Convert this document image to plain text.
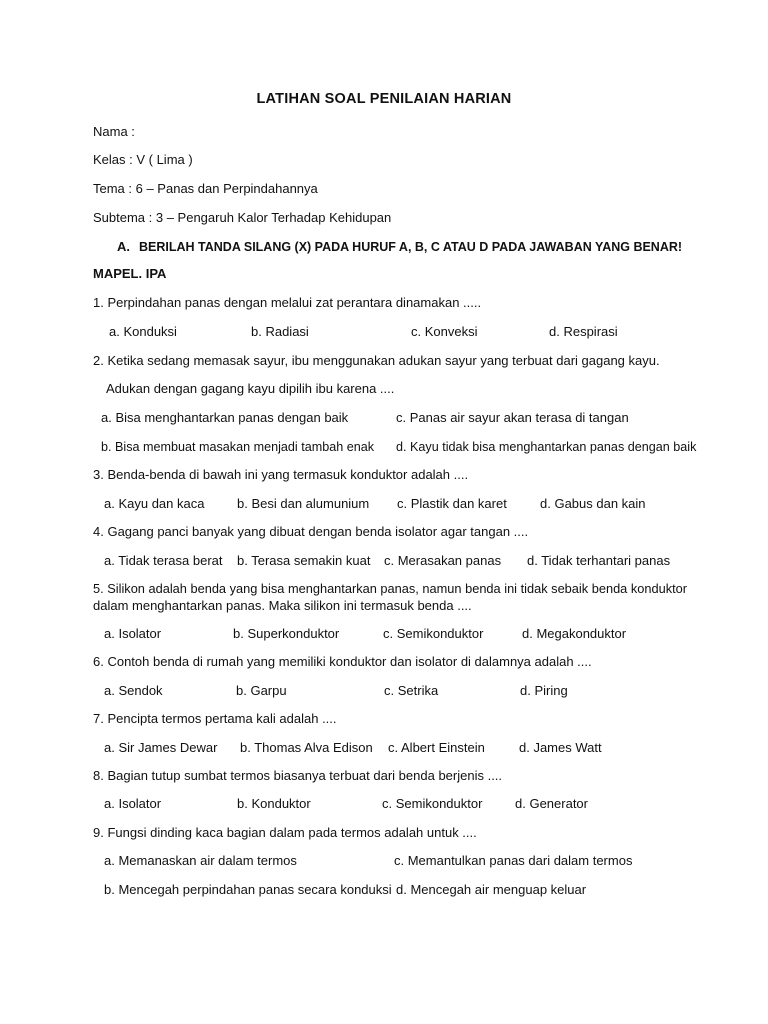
LATIHAN SOAL PENILAIAN HARIAN
Nama :
Kelas : V ( Lima )
Tema : 6 – Panas dan Perpindahannya
Subtema : 3 – Pengaruh Kalor Terhadap Kehidupan
A. BERILAH TANDA SILANG (X) PADA HURUF A, B, C ATAU D PADA JAWABAN YANG BENAR!
MAPEL. IPA
1. Perpindahan panas dengan melalui zat perantara dinamakan .....
a. Konduksi	b. Radiasi	c. Konveksi	d. Respirasi
2. Ketika sedang memasak sayur, ibu menggunakan adukan sayur yang terbuat dari gagang kayu.
Adukan dengan gagang kayu dipilih ibu karena ....
a. Bisa menghantarkan panas dengan baik	c. Panas air sayur akan terasa di tangan
b. Bisa membuat masakan menjadi tambah enak d. Kayu tidak bisa menghantarkan panas dengan baik
3. Benda-benda di bawah ini yang termasuk konduktor adalah ....
a. Kayu dan kaca	b. Besi dan alumunium c. Plastik dan karet	d. Gabus dan kain
4. Gagang panci banyak yang dibuat dengan benda isolator agar tangan ....
a. Tidak terasa berat b. Terasa semakin kuat c. Merasakan panas d. Tidak terhantari panas
5. Silikon adalah benda yang bisa menghantarkan panas, namun benda ini tidak sebaik benda konduktor
dalam menghantarkan panas. Maka silikon ini termasuk benda ....
a. Isolator	b. Superkonduktor	c. Semikonduktor	d. Megakonduktor
6. Contoh benda di rumah yang memiliki konduktor dan isolator di dalamnya adalah ....
a. Sendok	b. Garpu	c. Setrika	d. Piring
7. Pencipta termos pertama kali adalah ....
a. Sir James Dewar b. Thomas Alva Edison c. Albert Einstein	d. James Watt
8. Bagian tutup sumbat termos biasanya terbuat dari benda berjenis ....
a. Isolator	b. Konduktor	c. Semikonduktor	d. Generator
9. Fungsi dinding kaca bagian dalam pada termos adalah untuk ....
a. Memanaskan air dalam termos	c. Memantulkan panas dari dalam termos
b. Mencegah perpindahan panas secara konduksi d. Mencegah air menguap keluar
